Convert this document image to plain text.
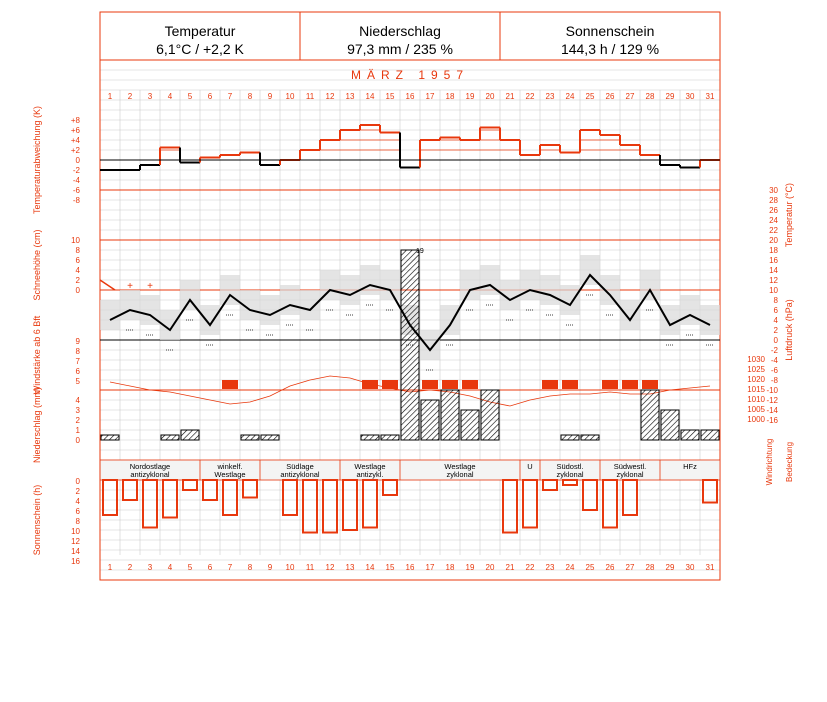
Temperatur
6,1°C / +2,2 K
Niederschlag
97,3 mm / 235 %
Sonnenschein
144,3 h / 129 %
MÄRZ 1957
1
1
2
2
3
3
4
4
5
5
6
6
7
7
8
8
9
9
10
10
11
11
12
12
13
13
14
14
15
15
16
16
17
17
18
18
19
19
20
20
21
21
22
22
23
23
24
24
25
25
26
26
27
27
28
28
29
29
30
30
31
31
+8
+6
+4
+2
0
-2
-4
-6
-8
Temperaturabweichung (K)	30
28
26
24
22
20
18
16
14
12
10
8
6
4
2
0
-2
-4
-6
-8
-10
-12
-14
-16
Temperatur (°C)
10
8
6
4
2
0
Schneehöhe (cm)	+ +
9
8
7
6
5
Windstärke ab 6 Bft	1030
1025
1020
1015
1010
1005
1000
Luftdruck (hPa)
4
3
2
1
0
Niederschlag (mm)
19
Nordostlage
antizyklonal
winkelf.
Westlage
Südlage
antizyklonal
Westlage
antizykl.
Westlage
zyklonal
U	Südostl.
zyklonal
Südwestl.
zyklonal
HFz	Windrichtung Bedeckung
0
2
4
6
8
10
12
14
16
Sonnenschein (h)
